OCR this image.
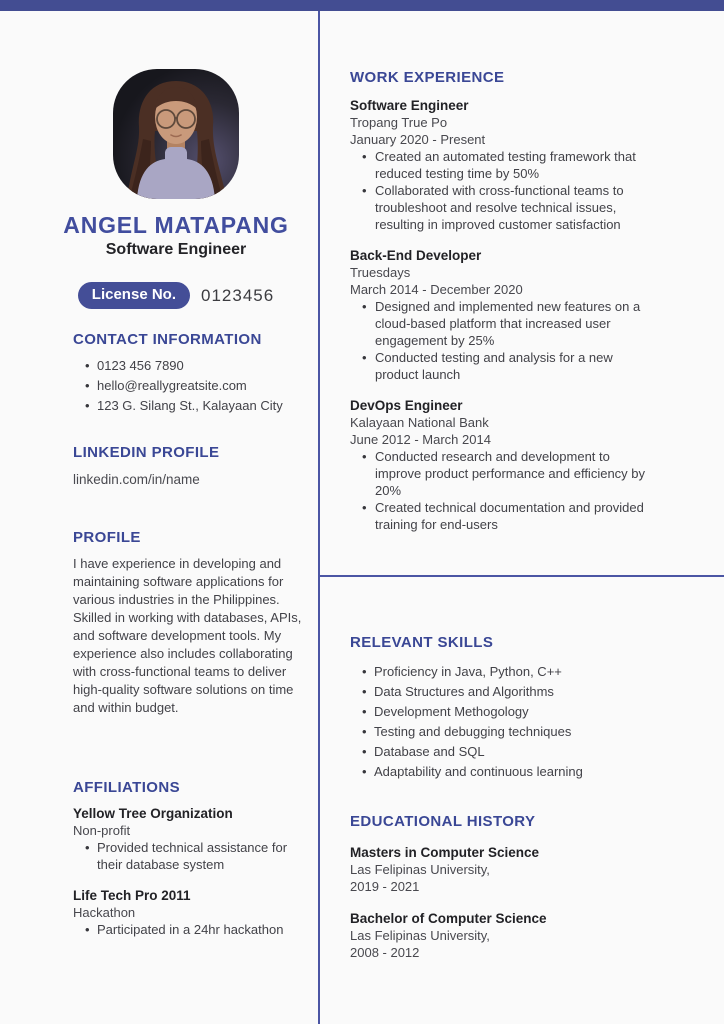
ANGEL MATAPANG
Software Engineer
License No.	0123456
CONTACT INFORMATION
• 0123 456 7890
• hello@reallygreatsite.com
• 123 G. Silang St., Kalayaan City
LINKEDIN PROFILE

linkedin.com/in/name

PROFILE

I have experience in developing and maintaining software applications for various industries in the Philippines. Skilled in working with databases, APIs, and software development tools. My experience also includes collaborating with cross-functional teams to deliver high-quality software solutions on time and within budget.

AFFILIATIONS

Yellow Tree Organization

Non-profit

• Provided technical assistance for their database system

Life Tech Pro 2011

Hackathon

• Participated in a 24hr hackathon
WORK EXPERIENCE

Software Engineer

Tropang True Po

January 2020 - Present

• Created an automated testing framework that reduced testing time by 50%
• Collaborated with cross-functional teams to troubleshoot and resolve technical issues, resulting in improved customer satisfaction

Back-End Developer

Truesdays

March 2014 - December 2020

• Designed and implemented new features on a cloud-based platform that increased user engagement by 25%
• Conducted testing and analysis for a new product launch

DevOps Engineer

Kalayaan National Bank

June 2012 - March 2014

• Conducted research and development to improve product performance and efficiency by 20%
• Created technical documentation and provided training for end-users
RELEVANT SKILLS
• Proficiency in Java, Python, C++
• Data Structures and Algorithms
• Development Methogology
• Testing and debugging techniques
• Database and SQL
• Adaptability and continuous learning
EDUCATIONAL HISTORY

Masters in Computer Science

Las Felipinas University,

2019 - 2021

Bachelor of Computer Science

Las Felipinas University,

2008 - 2012
